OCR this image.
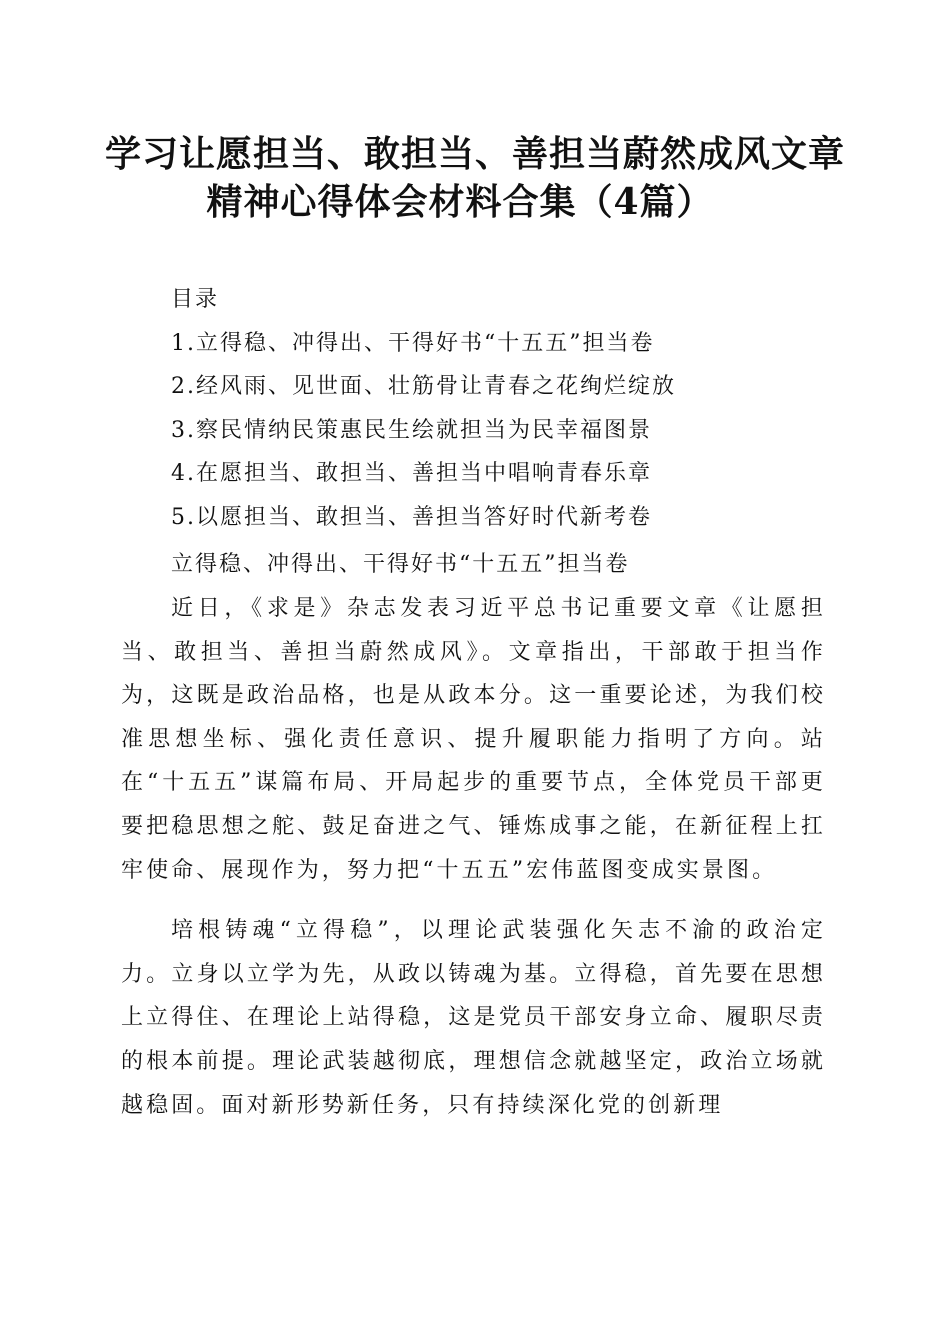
学习让愿担当、敢担当、善担当蔚然成风文章
精神心得体会材料合集（4篇）
目录
1.立得稳、冲得出、干得好书“十五五”担当卷
2.经风雨、见世面、壮筋骨让青春之花绚烂绽放
3.察民情纳民策惠民生绘就担当为民幸福图景
4.在愿担当、敢担当、善担当中唱响青春乐章
5.以愿担当、敢担当、善担当答好时代新考卷
立得稳、冲得出、干得好书“十五五”担当卷

近日，《求是》杂志发表习近平总书记重要文章《让愿担当、敢担当、善担当蔚然成风》。文章指出，干部敢于担当作为，这既是政治品格，也是从政本分。这一重要论述，为我们校准思想坐标、强化责任意识、提升履职能力指明了方向。站在“十五五”谋篇布局、开局起步的重要节点，全体党员干部更要把稳思想之舵、鼓足奋进之气、锤炼成事之能，在新征程上扛牢使命、展现作为，努力把“十五五”宏伟蓝图变成实景图。

培根铸魂“立得稳”，以理论武装强化矢志不渝的政治定力。立身以立学为先，从政以铸魂为基。立得稳，首先要在思想上立得住、在理论上站得稳，这是党员干部安身立命、履职尽责的根本前提。理论武装越彻底，理想信念就越坚定，政治立场就越稳固。面对新形势新任务，只有持续深化党的创新理
